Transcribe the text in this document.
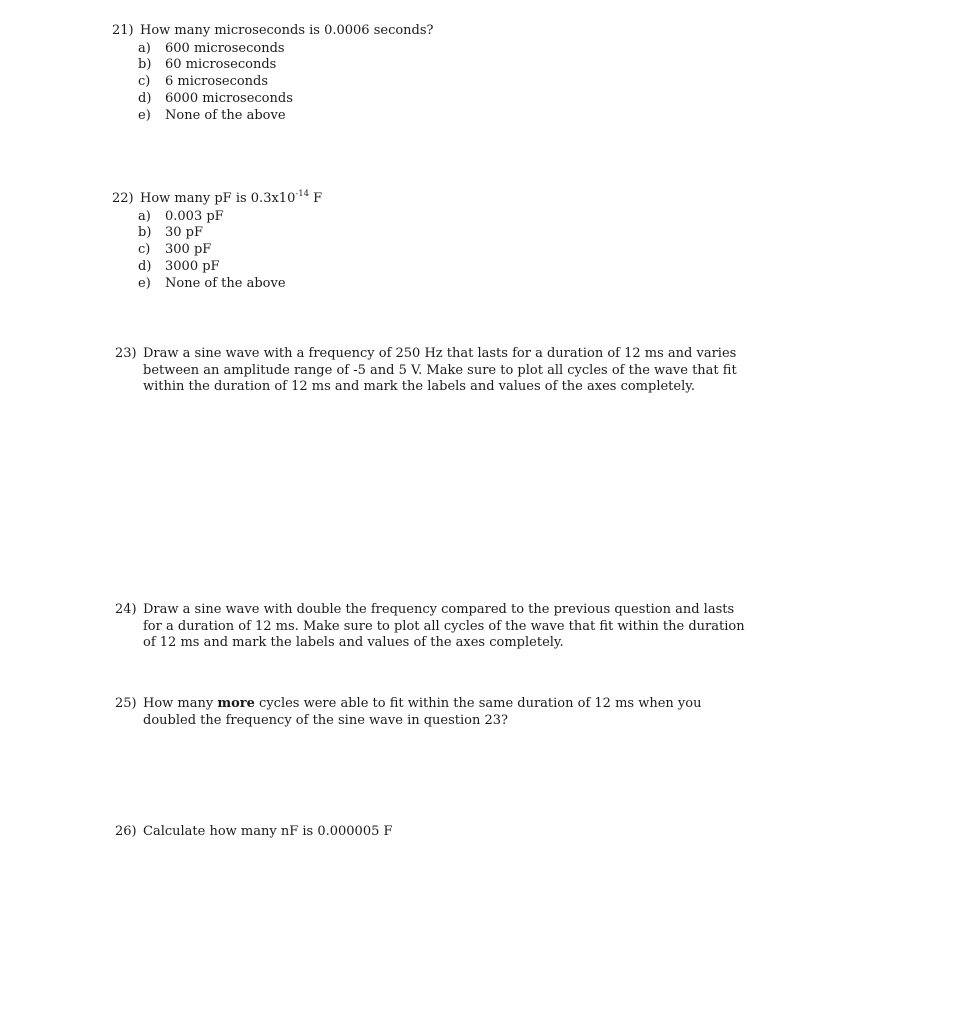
21) How many microseconds is 0.0006 seconds?
a)	600 microseconds
b)	60 microseconds
c)	6 microseconds
d)	6000 microseconds
e)	None of the above
22) How many pF is $0.3x10^{-14}$ F
a)	0.003 pF
b)	30 pF
c)	300 pF
d)	3000 pF
e)	None of the above
23) Draw a sine wave with a frequency of 250 Hz that lasts for a duration of 12 ms and varies between an amplitude range of -5 and 5 V. Make sure to plot all cycles of the wave that fit within the duration of 12 ms and mark the labels and values of the axes completely.
24) Draw a sine wave with double the frequency compared to the previous question and lasts for a duration of 12 ms. Make sure to plot all cycles of the wave that fit within the duration of 12 ms and mark the labels and values of the axes completely.
25) How many more cycles were able to fit within the same duration of 12 ms when you doubled the frequency of the sine wave in question 23?
26) Calculate how many nF is 0.000005 F
